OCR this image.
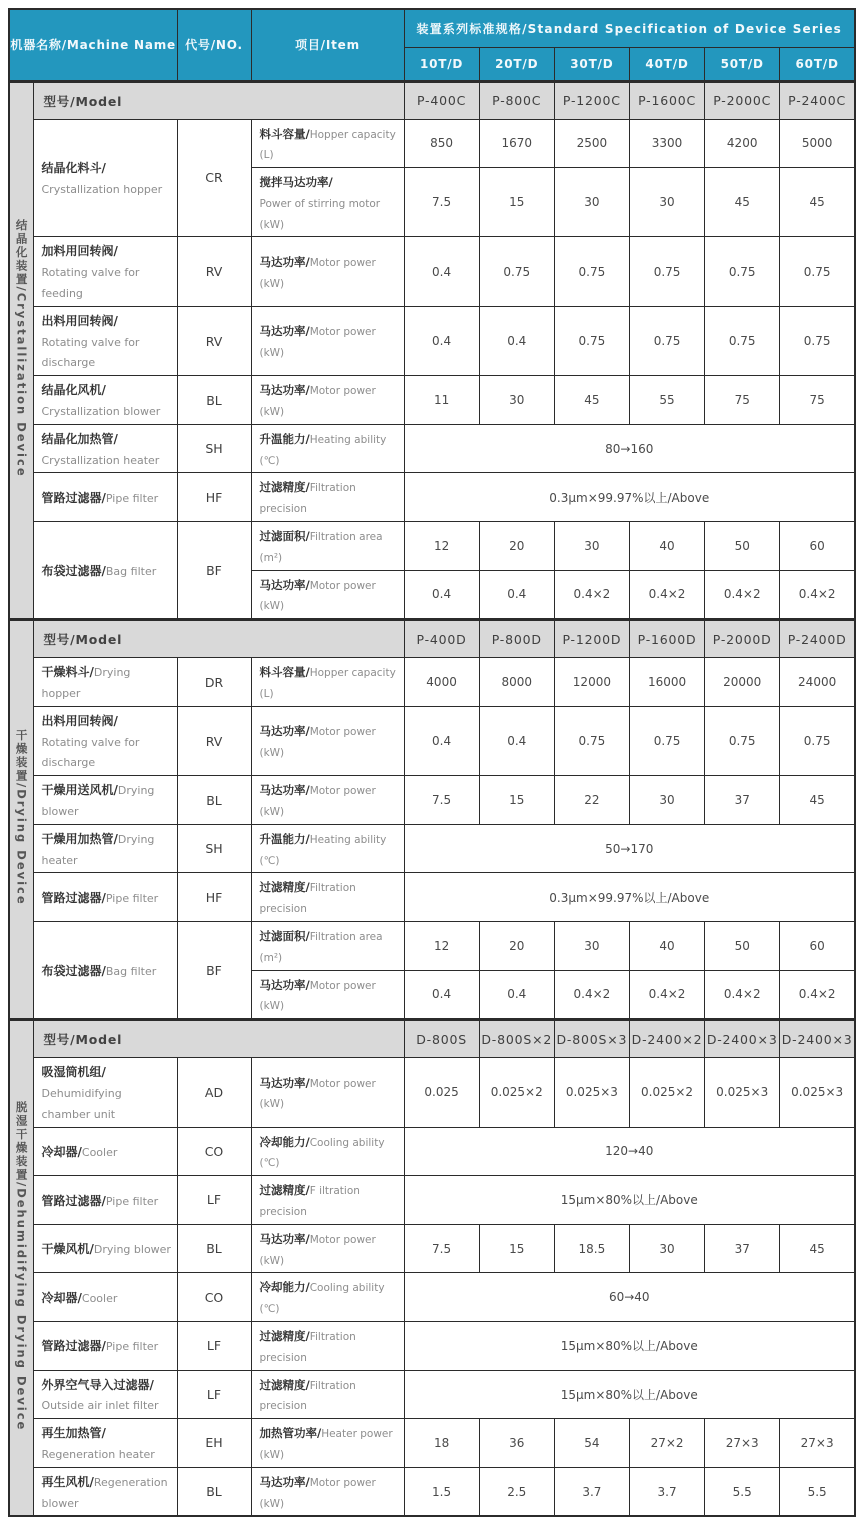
机器名称/Machine Name		代号/NO.	项目/Item	装置系列标准规格/Standard Specification of Device Series					
				10T/D	20T/D	30T/D	40T/D	50T/D	60T/D
结晶化装置/Crystallization Device	型号/Model			P-400C	P-800C	P-1200C	P-1600C	P-2000C	P-2400C
	结晶化料斗/
Crystallization hopper	CR	料斗容量/Hopper capacity (L)	850	1670	2500	3300	4200	5000
			搅拌马达功率/
Power of stirring motor (kW)	7.5	15	30	30	45	45
	加料用回转阀/
Rotating valve for feeding	RV	马达功率/Motor power (kW)	0.4	0.75	0.75	0.75	0.75	0.75
	出料用回转阀/
Rotating valve for discharge	RV	马达功率/Motor power (kW)	0.4	0.4	0.75	0.75	0.75	0.75
	结晶化风机/
Crystallization blower	BL	马达功率/Motor power (kW)	11	30	45	55	75	75
	结晶化加热管/
Crystallization heater	SH	升温能力/Heating ability (℃)	80→160					
	管路过滤器/Pipe filter	HF	过滤精度/Filtration precision	0.3μm×99.97%以上/Above					
	布袋过滤器/Bag filter	BF	过滤面积/Filtration area (m²)	12	20	30	40	50	60
			马达功率/Motor power (kW)	0.4	0.4	0.4×2	0.4×2	0.4×2	0.4×2
干燥装置/Drying Device	型号/Model			P-400D	P-800D	P-1200D	P-1600D	P-2000D	P-2400D
	干燥料斗/Drying hopper	DR	料斗容量/Hopper capacity (L)	4000	8000	12000	16000	20000	24000
	出料用回转阀/
Rotating valve for discharge	RV	马达功率/Motor power (kW)	0.4	0.4	0.75	0.75	0.75	0.75
	干燥用送风机/Drying blower	BL	马达功率/Motor power (kW)	7.5	15	22	30	37	45
	干燥用加热管/Drying heater	SH	升温能力/Heating ability (℃)	50→170					
	管路过滤器/Pipe filter	HF	过滤精度/Filtration precision	0.3μm×99.97%以上/Above					
	布袋过滤器/Bag filter	BF	过滤面积/Filtration area (m²)	12	20	30	40	50	60
			马达功率/Motor power (kW)	0.4	0.4	0.4×2	0.4×2	0.4×2	0.4×2
脱湿干燥装置/Dehumidifying Drying Device	型号/Model			D-800S	D-800S×2	D-800S×3	D-2400×2	D-2400×3	D-2400×3
	吸湿筒机组/
Dehumidifying chamber unit	AD	马达功率/Motor power (kW)	0.025	0.025×2	0.025×3	0.025×2	0.025×3	0.025×3
	冷却器/Cooler	CO	冷却能力/Cooling ability (℃)	120→40					
	管路过滤器/Pipe filter	LF	过滤精度/F iltration precision	15μm×80%以上/Above					
	干燥风机/Drying blower	BL	马达功率/Motor power (kW)	7.5	15	18.5	30	37	45
	冷却器/Cooler	CO	冷却能力/Cooling ability (℃)	60→40					
	管路过滤器/Pipe filter	LF	过滤精度/Filtration precision	15μm×80%以上/Above					
	外界空气导入过滤器/
Outside air inlet filter	LF	过滤精度/Filtration precision	15μm×80%以上/Above					
	再生加热管/
Regeneration heater	EH	加热管功率/Heater power (kW)	18	36	54	27×2	27×3	27×3
	再生风机/Regeneration blower	BL	马达功率/Motor power (kW)	1.5	2.5	3.7	3.7	5.5	5.5
